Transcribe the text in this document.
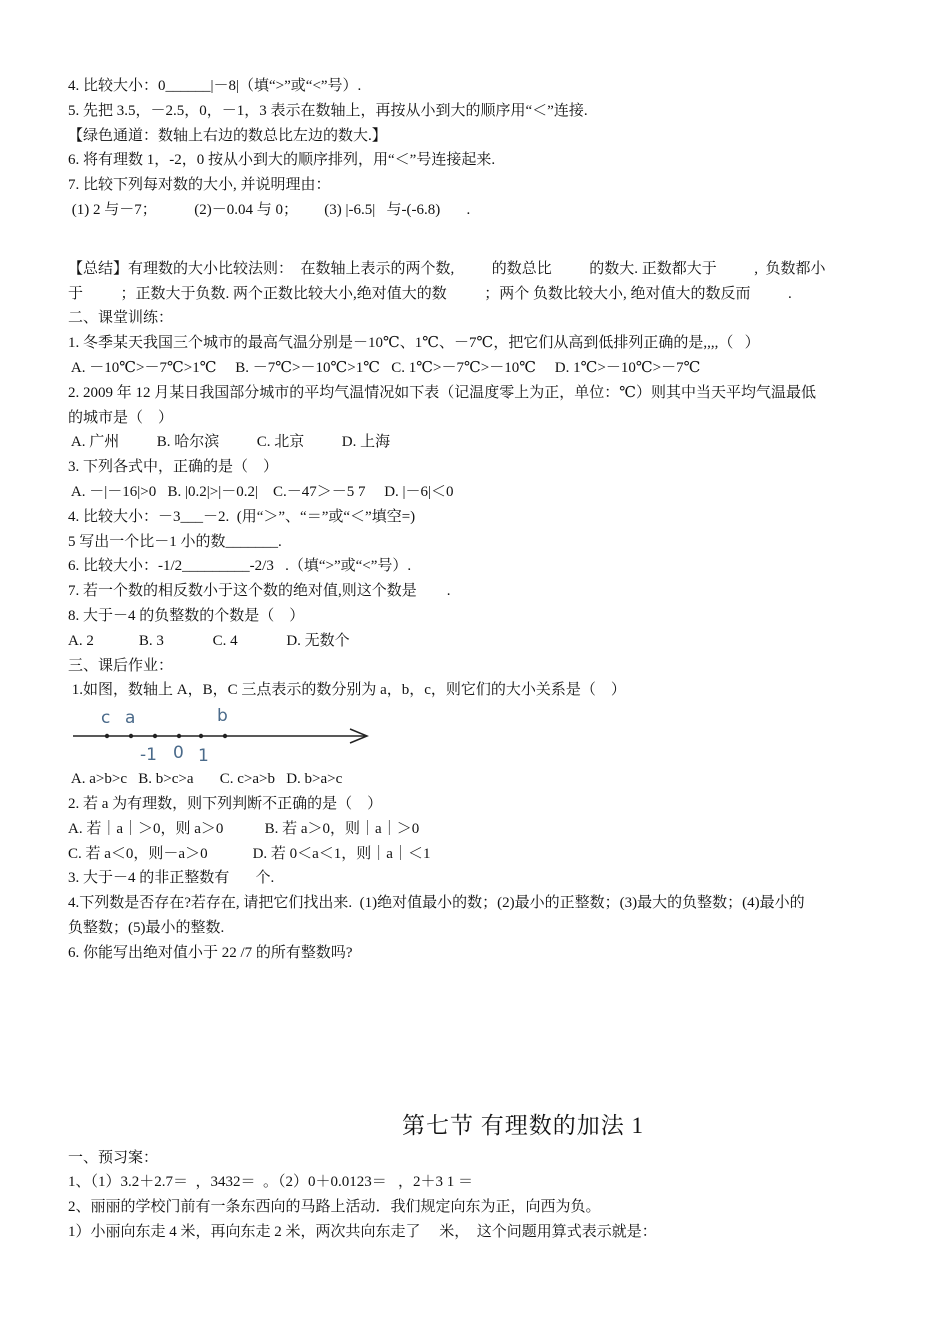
4. 比较大小：0______|－8|（填“>”或“<”号）.

5. 先把 3.5，－2.5，0，－1，3 表示在数轴上，再按从小到大的顺序用“＜”连接.

【绿色通道：数轴上右边的数总比左边的数大.】

6. 将有理数 1，-2，0 按从小到大的顺序排列，用“＜”号连接起来.

7. 比较下列每对数的大小, 并说明理由：

(1) 2 与－7；          (2)－0.04 与 0；       (3) |-6.5|   与-(-6.8)       .

【总结】有理数的大小比较法则：  在数轴上表示的两个数,          的数总比          的数大. 正数都大于          ,  负数都小

于          ；正数大于负数. 两个正数比较大小,绝对值大的数          ；两个 负数比较大小, 绝对值大的数反而          .

二、课堂训练：

1. 冬季某天我国三个城市的最高气温分别是－10℃、1℃、－7℃，把它们从高到低排列正确的是,,,,（   ）

A. －10℃>－7℃>1℃     B. －7℃>－10℃>1℃   C. 1℃>－7℃>－10℃     D. 1℃>－10℃>－7℃

2. 2009 年 12 月某日我国部分城市的平均气温情况如下表（记温度零上为正，单位：℃）则其中当天平均气温最低

的城市是（    ）

A. 广州          B. 哈尔滨          C. 北京          D. 上海

3. 下列各式中，正确的是（    ）

A. －|－16|>0   B. |0.2|>|－0.2|    C.－47＞－5 7     D. |－6|＜0

4. 比较大小：－3___－2.  (用“＞”、“＝”或“＜”填空=)

5 写出一个比－1 小的数_______.

6. 比较大小：-1/2_________-2/3   .（填“>”或“<”号）.

7. 若一个数的相反数小于这个数的绝对值,则这个数是        .

8. 大于－4 的负整数的个数是（    ）

A. 2            B. 3             C. 4             D. 无数个

三、课后作业：

1.如图，数轴上 A，B，C 三点表示的数分别为 a，b，c，则它们的大小关系是（    ）

c a	b
-1 0 1

A. a>b>c   B. b>c>a       C. c>a>b   D. b>a>c

2. 若 a 为有理数，则下列判断不正确的是（    ）

A. 若｜a｜＞0，则 a＞0           B. 若 a＞0，则｜a｜＞0

C. 若 a＜0，则－a＞0            D. 若 0＜a＜1，则｜a｜＜1

3. 大于－4 的非正整数有       个.

4.下列数是否存在?若存在, 请把它们找出来.  (1)绝对值最小的数；(2)最小的正整数；(3)最大的负整数；(4)最小的

负整数；(5)最小的整数.

6. 你能写出绝对值小于 22 /7 的所有整数吗?

第七节 有理数的加法 1

一、预习案：

1、（1）3.2＋2.7＝  ，3432＝  。（2）0＋0.0123＝   ，2＋3 1 ＝

2、丽丽的学校门前有一条东西向的马路上活动．我们规定向东为正，向西为负。

1）小丽向东走 4 米，再向东走 2 米，两次共向东走了     米，  这个问题用算式表示就是：
